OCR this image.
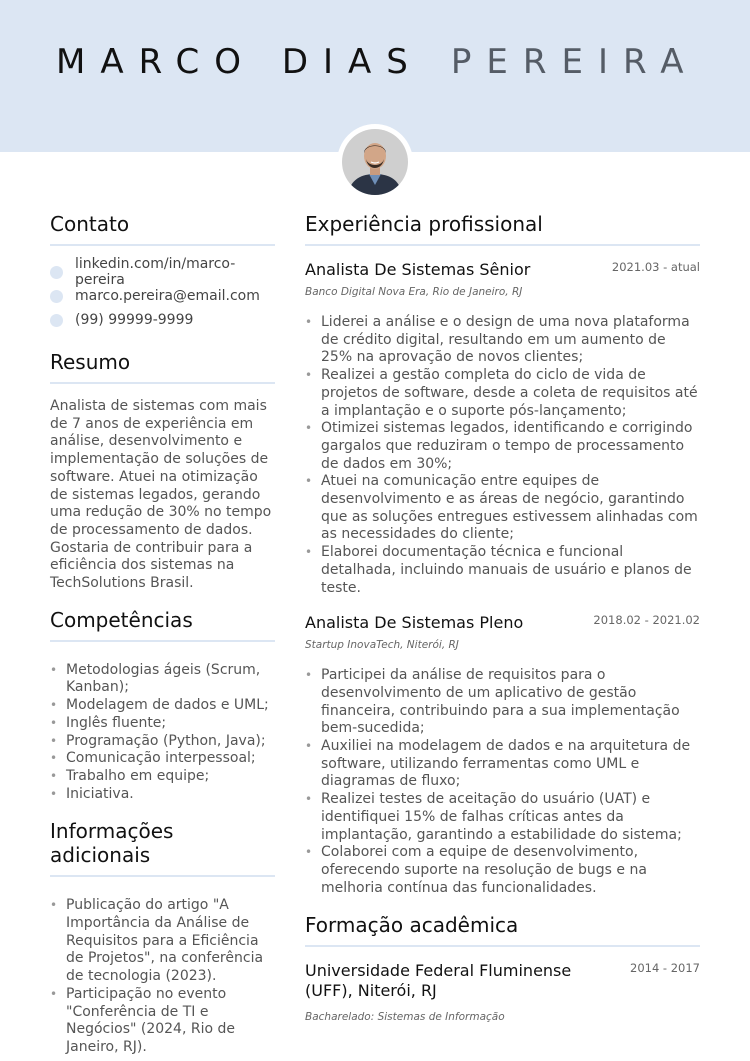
MARCO DIAS PEREIRA
Contato
linkedin.com/in/marco-pereira
marco.pereira@email.com
(99) 99999-9999
Resumo

Analista de sistemas com mais de 7 anos de experiência em análise, desenvolvimento e implementação de soluções de software. Atuei na otimização de sistemas legados, gerando uma redução de 30% no tempo de processamento de dados. Gostaria de contribuir para a eficiência dos sistemas na TechSolutions Brasil.

Competências
• Metodologias ágeis (Scrum, Kanban);
• Modelagem de dados e UML;
• Inglês fluente;
• Programação (Python, Java);
• Comunicação interpessoal;
• Trabalho em equipe;
• Iniciativa.
Informações adicionais
• Publicação do artigo "A Importância da Análise de Requisitos para a Eficiência de Projetos", na conferência de tecnologia (2023).
• Participação no evento "Conferência de TI e Negócios" (2024, Rio de Janeiro, RJ).
Experiência profissional
Analista De Sistemas Sênior	2021.03 - atual
Banco Digital Nova Era, Rio de Janeiro, RJ
• Liderei a análise e o design de uma nova plataforma de crédito digital, resultando em um aumento de 25% na aprovação de novos clientes;
• Realizei a gestão completa do ciclo de vida de projetos de software, desde a coleta de requisitos até a implantação e o suporte pós-lançamento;
• Otimizei sistemas legados, identificando e corrigindo gargalos que reduziram o tempo de processamento de dados em 30%;
• Atuei na comunicação entre equipes de desenvolvimento e as áreas de negócio, garantindo que as soluções entregues estivessem alinhadas com as necessidades do cliente;
• Elaborei documentação técnica e funcional detalhada, incluindo manuais de usuário e planos de teste.
Analista De Sistemas Pleno	2018.02 - 2021.02
Startup InovaTech, Niterói, RJ
• Participei da análise de requisitos para o desenvolvimento de um aplicativo de gestão financeira, contribuindo para a sua implementação bem-sucedida;
• Auxiliei na modelagem de dados e na arquitetura de software, utilizando ferramentas como UML e diagramas de fluxo;
• Realizei testes de aceitação do usuário (UAT) e identifiquei 15% de falhas críticas antes da implantação, garantindo a estabilidade do sistema;
• Colaborei com a equipe de desenvolvimento, oferecendo suporte na resolução de bugs e na melhoria contínua das funcionalidades.
Formação acadêmica
Universidade Federal Fluminense (UFF), Niterói, RJ
2014 - 2017
Bacharelado: Sistemas de Informação
